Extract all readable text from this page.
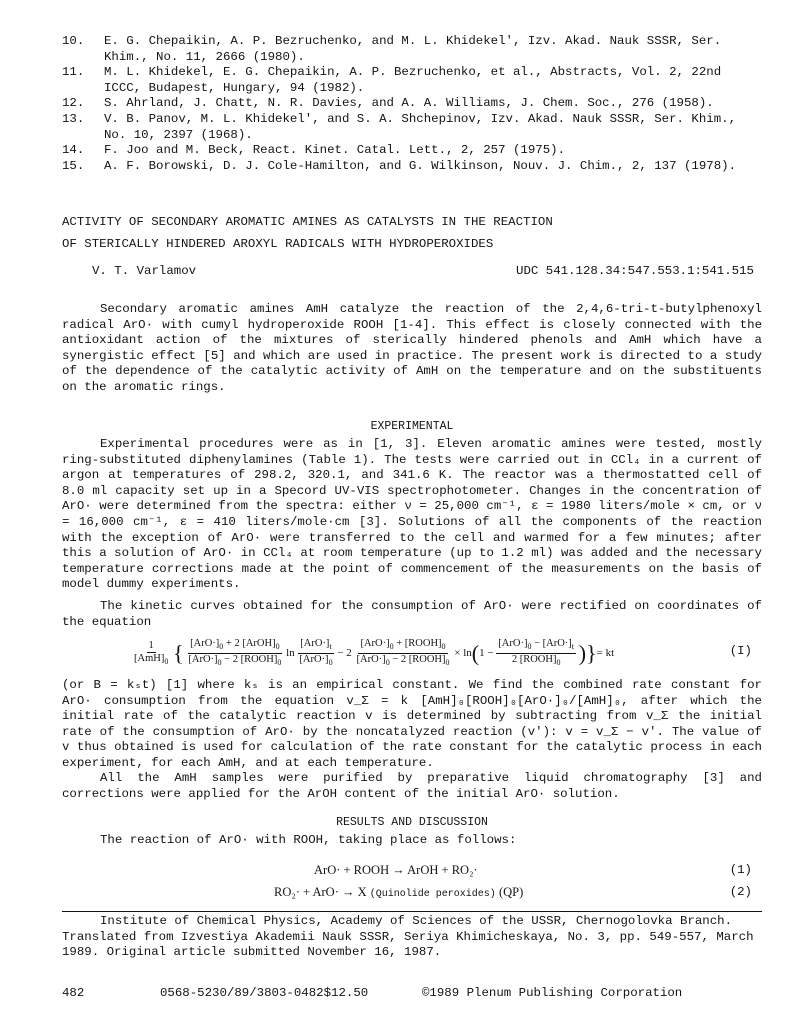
10. E. G. Chepaikin, A. P. Bezruchenko, and M. L. Khidekel', Izv. Akad. Nauk SSSR, Ser. Khim., No. 11, 2666 (1980).
11. M. L. Khidekel, E. G. Chepaikin, A. P. Bezruchenko, et al., Abstracts, Vol. 2, 22nd ICCC, Budapest, Hungary, 94 (1982).
12. S. Ahrland, J. Chatt, N. R. Davies, and A. A. Williams, J. Chem. Soc., 276 (1958).
13. V. B. Panov, M. L. Khidekel', and S. A. Shchepinov, Izv. Akad. Nauk SSSR, Ser. Khim., No. 10, 2397 (1968).
14. F. Joo and M. Beck, React. Kinet. Catal. Lett., 2, 257 (1975).
15. A. F. Borowski, D. J. Cole-Hamilton, and G. Wilkinson, Nouv. J. Chim., 2, 137 (1978).
ACTIVITY OF SECONDARY AROMATIC AMINES AS CATALYSTS IN THE REACTION
OF STERICALLY HINDERED AROXYL RADICALS WITH HYDROPEROXIDES
V. T. Varlamov	UDC 541.128.34:547.553.1:541.515

Secondary aromatic amines AmH catalyze the reaction of the 2,4,6-tri-t-butylphenoxyl radical ArO· with cumyl hydroperoxide ROOH [1-4]. This effect is closely connected with the antioxidant action of the mixtures of sterically hindered phenols and AmH which have a synergistic effect [5] and which are used in practice. The present work is directed to a study of the dependence of the catalytic activity of AmH on the temperature and on the substituents on the aromatic rings.

EXPERIMENTAL

Experimental procedures were as in [1, 3]. Eleven aromatic amines were tested, mostly ring-substituted diphenylamines (Table 1). The tests were carried out in CCl₄ in a current of argon at temperatures of 298.2, 320.1, and 341.6 K. The reactor was a thermostatted cell of 8.0 ml capacity set up in a Specord UV-VIS spectrophotometer. Changes in the concentration of ArO· were determined from the spectra: either ν = 25,000 cm⁻¹, ε = 1980 liters/mole × cm, or ν = 16,000 cm⁻¹, ε = 410 liters/mole·cm [3]. Solutions of all the components of the reaction with the exception of ArO· were transferred to the cell and warmed for a few minutes; after this a solution of ArO· in CCl₄ at room temperature (up to 1.2 ml) was added and the necessary temperature corrections made at the point of commencement of the measurements on the basis of model dummy experiments.

The kinetic curves obtained for the consumption of ArO· were rectified on coordinates of the equation

$\frac{1}{[AmH]_0}$ { $\frac{[ArO\cdot]_0 + 2 [ArOH]_0}{[ArO\cdot]_0 - 2 [ROOH]_0}$ $\ln \frac{[ArO\cdot]_t}{[ArO\cdot]_0} - 2 \frac{[ArO\cdot]_0 + [ROOH]_0}{[ArO\cdot]_0 - 2 [ROOH]_0} \times \ln(1 - \frac{[ArO\cdot]_0 - [ArO\cdot]_t}{2 [ROOH]_0}$ )}= kt	(I)

(or B = kₛt) [1] where kₛ is an empirical constant. We find the combined rate constant for ArO· consumption from the equation v_Σ = k [AmH]₀[ROOH]₀[ArO·]₀/[AmH]₀, after which the initial rate of the catalytic reaction v is determined by subtracting from v_Σ the initial rate of the consumption of ArO· by the noncatalyzed reaction (v'): v = v_Σ − v'. The value of v thus obtained is used for calculation of the rate constant for the catalytic process in each experiment, for each AmH, and at each temperature.

All the AmH samples were purified by preparative liquid chromatography [3] and corrections were applied for the ArOH content of the initial ArO· solution.

RESULTS AND DISCUSSION

The reaction of ArO· with ROOH, taking place as follows:

ArO· + ROOH → ArOH + RO₂·	(1)
RO₂· + ArO· → X (Quinolide peroxides) (QP)	(2)

Institute of Chemical Physics, Academy of Sciences of the USSR, Chernogolovka Branch. Translated from Izvestiya Akademii Nauk SSSR, Seriya Khimicheskaya, No. 3, pp. 549-557, March 1989. Original article submitted November 16, 1987.

482	0568-5230/89/3803-0482$12.50	©1989 Plenum Publishing Corporation
